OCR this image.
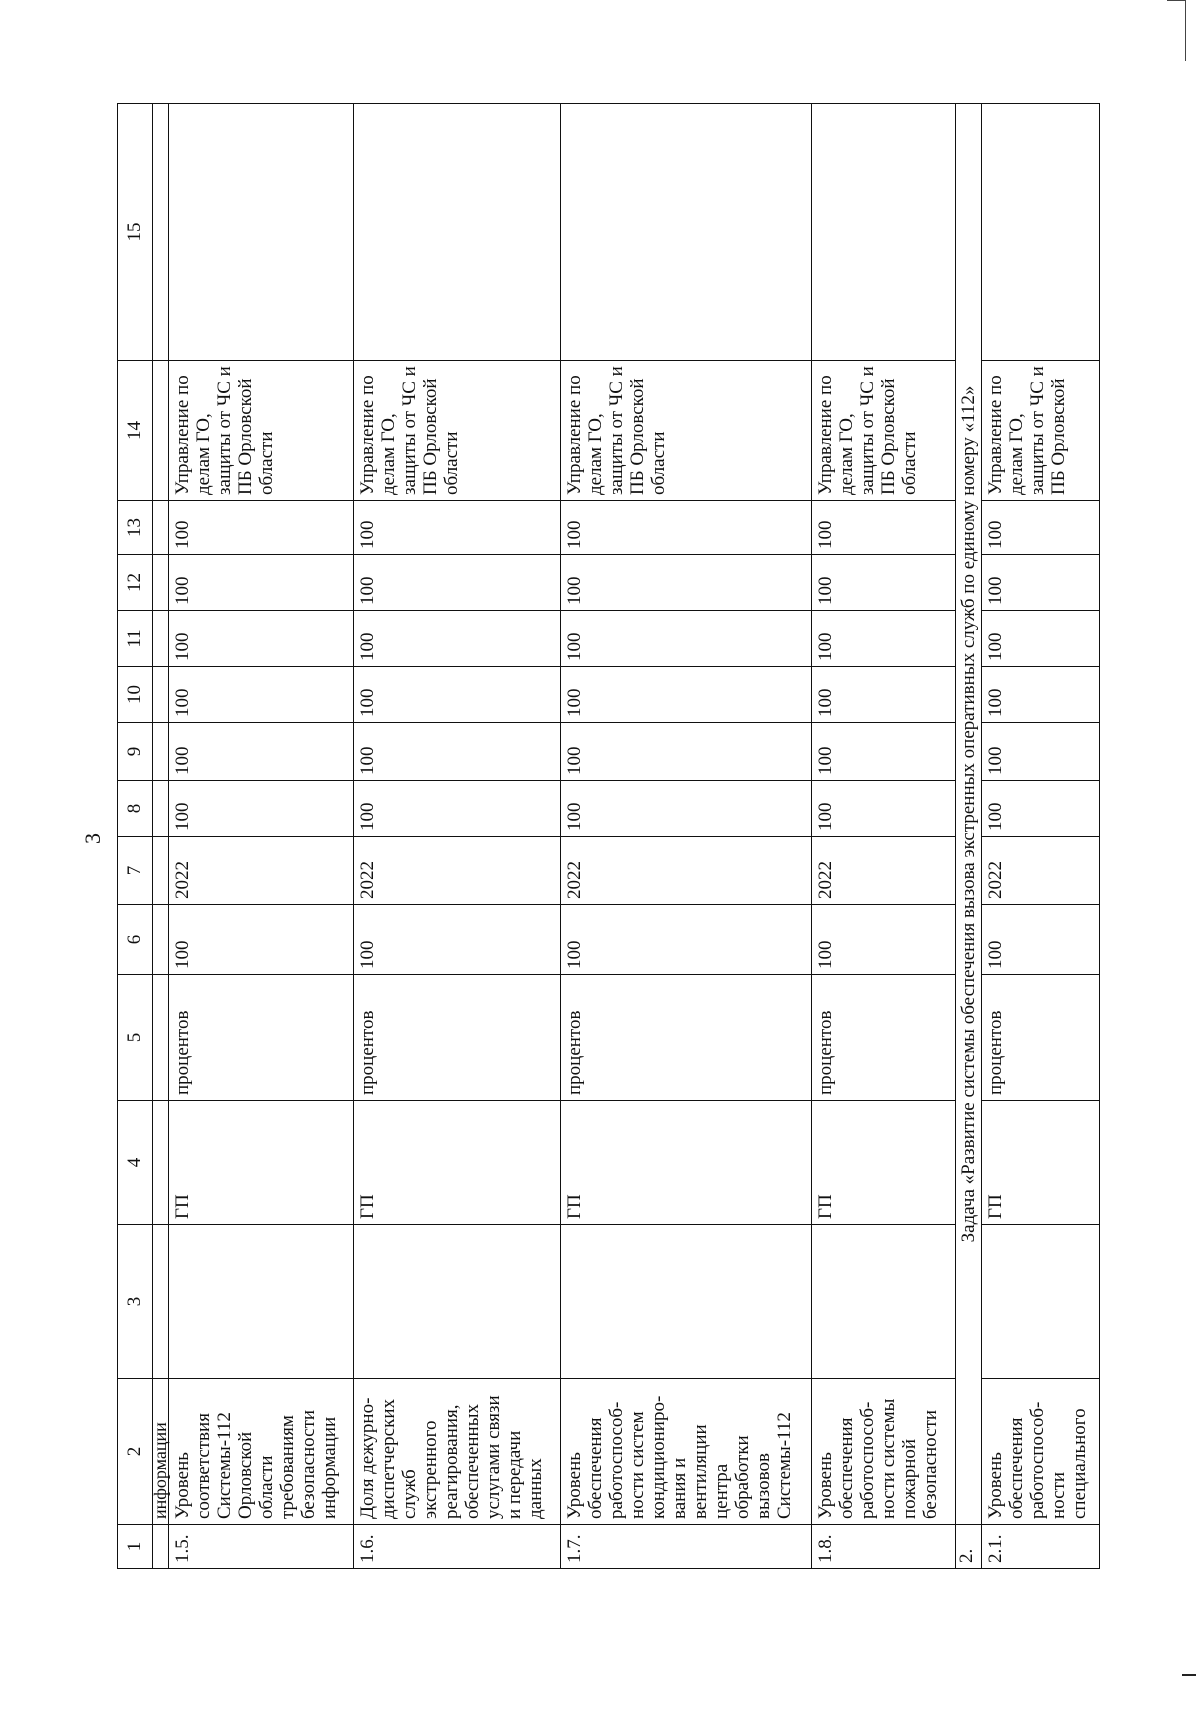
3
1	2	3	4	5	6	7	8	9	10	11	12	13	14	15
	информации													
1.5.	Уровень соответствия Системы-112 Орловской области требованиям безопасности информации		ГП	процентов	100	2022	100	100	100	100	100	100	Управление по делам ГО, защиты от ЧС и ПБ Орловской области	
1.6.	Доля дежурно-диспетчерских служб экстренного реагирования, обеспеченных услугами связи и передачи данных		ГП	процентов	100	2022	100	100	100	100	100	100	Управление по делам ГО, защиты от ЧС и ПБ Орловской области	
1.7.	Уровень обеспечения работоспособ-ности систем кондициониро-вания и вентиляции центра обработки вызовов Системы-112		ГП	процентов	100	2022	100	100	100	100	100	100	Управление по делам ГО, защиты от ЧС и ПБ Орловской области	
1.8.	Уровень обеспечения работоспособ-ности системы пожарной безопасности		ГП	процентов	100	2022	100	100	100	100	100	100	Управление по делам ГО, защиты от ЧС и ПБ Орловской области	
2.	Задача «Развитие системы обеспечения вызова экстренных оперативных служб по единому номеру «112»													
2.1.	Уровень обеспечения работоспособ-ности специального		ГП	процентов	100	2022	100	100	100	100	100	100	Управление по делам ГО, защиты от ЧС и ПБ Орловской	
